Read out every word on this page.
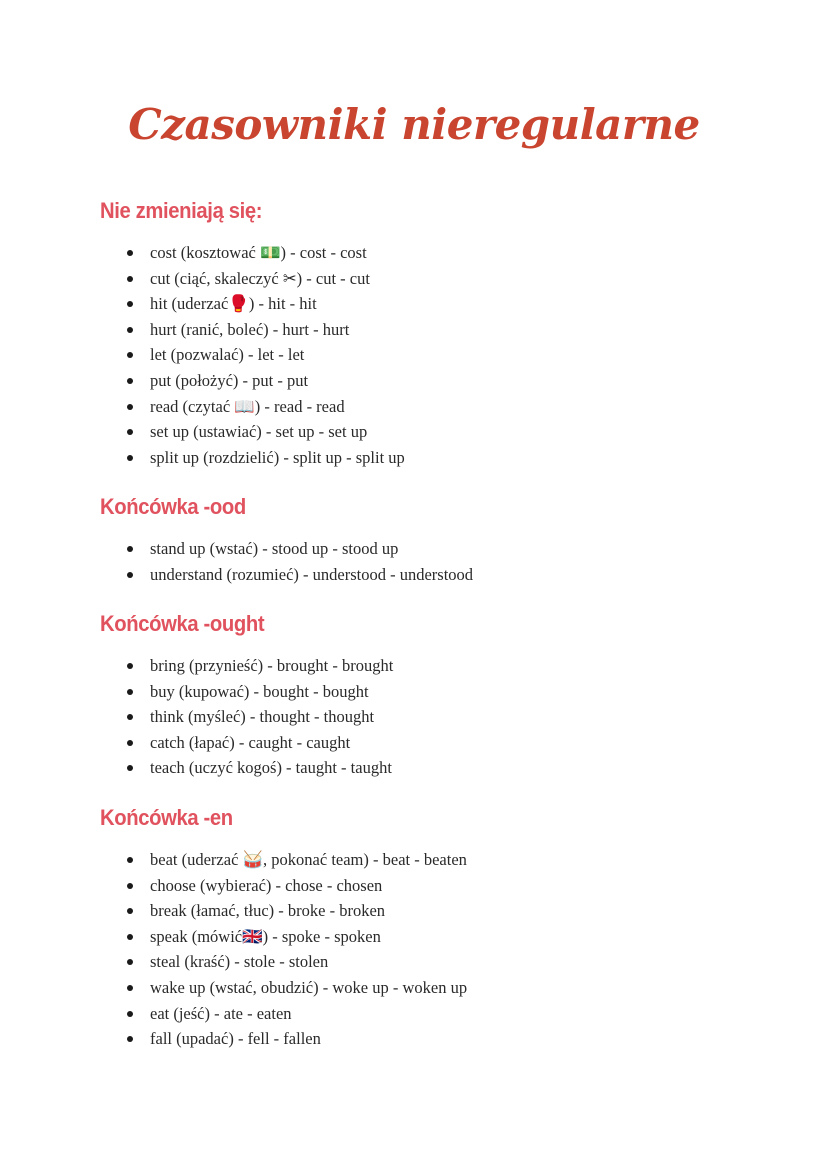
Czasowniki nieregularne
Nie zmieniają się:
cost (kosztować 💵) - cost - cost
cut (ciąć, skaleczyć ✂) - cut - cut
hit (uderzać🥊) - hit - hit
hurt (ranić, boleć) - hurt - hurt
let (pozwalać) - let - let
put (położyć) - put - put
read (czytać 📖) - read - read
set up (ustawiać) - set up - set up
split up (rozdzielić) - split up - split up
Końcówka -ood
stand up (wstać) - stood up - stood up
understand (rozumieć) - understood - understood
Końcówka -ought
bring (przynieść) - brought - brought
buy (kupować) - bought - bought
think (myśleć) - thought - thought
catch (łapać) - caught - caught
teach (uczyć kogoś) - taught - taught
Końcówka -en
beat (uderzać 🥁, pokonać team) - beat - beaten
choose (wybierać) - chose - chosen
break (łamać, tłuc) - broke - broken
speak (mówić🇬🇧) - spoke - spoken
steal (kraść) - stole - stolen
wake up (wstać, obudzić) - woke up - woken up
eat (jeść) - ate - eaten
fall (upadać) - fell - fallen
